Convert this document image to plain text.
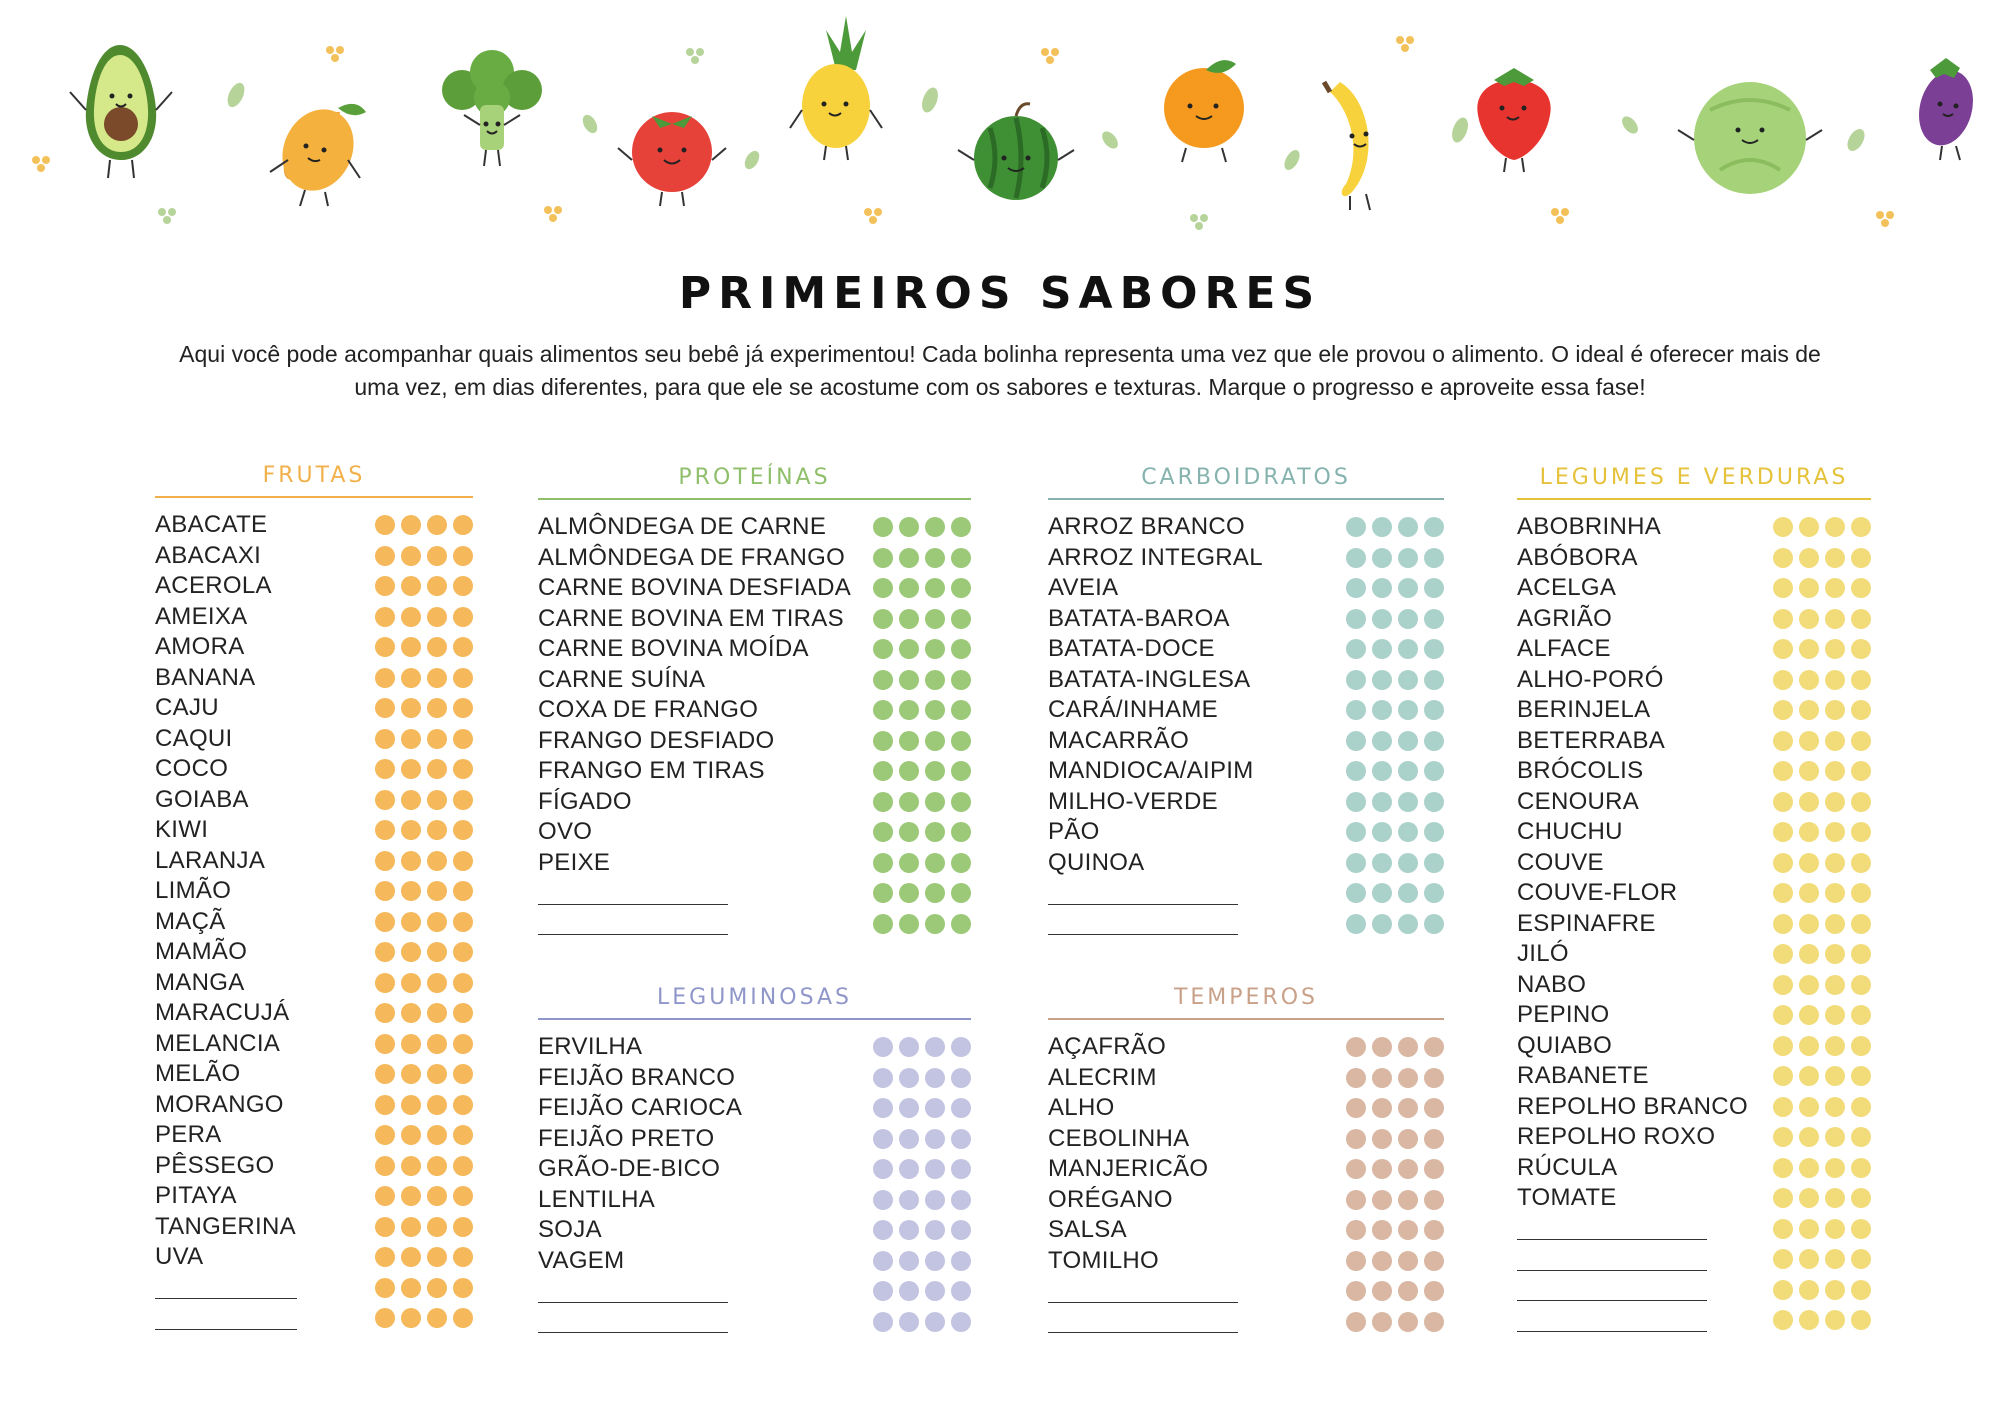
PRIMEIROS SABORES
Aqui você pode acompanhar quais alimentos seu bebê já experimentou! Cada bolinha representa uma vez que ele provou o alimento. O ideal é oferecer mais de uma vez, em dias diferentes, para que ele se acostume com os sabores e texturas. Marque o progresso e aproveite essa fase!
FRUTAS
ABACATE
ABACAXI
ACEROLA
AMEIXA
AMORA
BANANA
CAJU
CAQUI
COCO
GOIABA
KIWI
LARANJA
LIMÃO
MAÇÃ
MAMÃO
MANGA
MARACUJÁ
MELANCIA
MELÃO
MORANGO
PERA
PÊSSEGO
PITAYA
TANGERINA
UVA
PROTEÍNAS
ALMÔNDEGA DE CARNE
ALMÔNDEGA DE FRANGO
CARNE BOVINA DESFIADA
CARNE BOVINA EM TIRAS
CARNE BOVINA MOÍDA
CARNE SUÍNA
COXA DE FRANGO
FRANGO DESFIADO
FRANGO EM TIRAS
FÍGADO
OVO
PEIXE
CARBOIDRATOS
ARROZ BRANCO
ARROZ INTEGRAL
AVEIA
BATATA-BAROA
BATATA-DOCE
BATATA-INGLESA
CARÁ/INHAME
MACARRÃO
MANDIOCA/AIPIM
MILHO-VERDE
PÃO
QUINOA
LEGUMES E VERDURAS
ABOBRINHA
ABÓBORA
ACELGA
AGRIÃO
ALFACE
ALHO-PORÓ
BERINJELA
BETERRABA
BRÓCOLIS
CENOURA
CHUCHU
COUVE
COUVE-FLOR
ESPINAFRE
JILÓ
NABO
PEPINO
QUIABO
RABANETE
REPOLHO BRANCO
REPOLHO ROXO
RÚCULA
TOMATE
LEGUMINOSAS
ERVILHA
FEIJÃO BRANCO
FEIJÃO CARIOCA
FEIJÃO PRETO
GRÃO-DE-BICO
LENTILHA
SOJA
VAGEM
TEMPEROS
AÇAFRÃO
ALECRIM
ALHO
CEBOLINHA
MANJERICÃO
ORÉGANO
SALSA
TOMILHO
